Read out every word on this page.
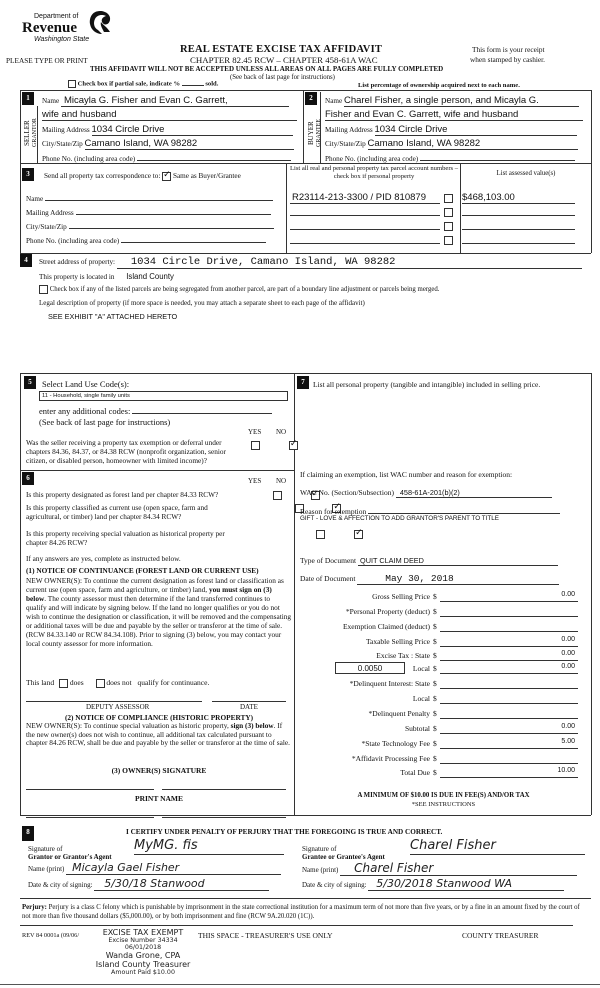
Department of
Revenue
Washington State
PLEASE TYPE OR PRINT
REAL ESTATE EXCISE TAX AFFIDAVIT
CHAPTER 82.45 RCW – CHAPTER 458-61A WAC
This form is your receipt
when stamped by cashier.
THIS AFFIDAVIT WILL NOT BE ACCEPTED UNLESS ALL AREAS ON ALL PAGES ARE FULLY COMPLETED
(See back of last page for instructions)
Check box if partial sale, indicate %	sold.	List percentage of ownership acquired next to each name.
1
SELLER
GRANTOR
Name Micayla G. Fisher and Evan C. Garrett,
wife and husband
Mailing Address 1034 Circle Drive
City/State/Zip Camano Island, WA 98282
Phone No. (including area code)
2
BUYER
GRANTEE
Name Charel Fisher, a single person, and Micayla G.
Fisher and Evan C. Garrett, wife and husband
Mailing Address 1034 Circle Drive
City/State/Zip Camano Island, WA 98282
Phone No. (including area code)
3	Send all property tax correspondence to: ✓ Same as Buyer/Grantee
Name
Mailing Address
City/State/Zip
Phone No. (including area code)
List all real and personal property tax parcel account numbers – check box if personal property	List assessed value(s)
R23114-213-3300 / PID 810879	$468,103.00
4	Street address of property: 1034 Circle Drive, Camano Island, WA 98282
This property is located in Island County
Check box if any of the listed parcels are being segregated from another parcel, are part of a boundary line adjustment or parcels being merged.
Legal description of property (if more space is needed, you may attach a separate sheet to each page of the affidavit)
SEE EXHIBIT "A" ATTACHED HERETO
5	Select Land Use Code(s):
11 - Household, single family units
enter any additional codes:
(See back of last page for instructions)
YES NO

Was the seller receiving a property tax exemption or deferral under chapters 84.36, 84.37, or 84.38 RCW (nonprofit organization, senior citizen, or disabled person, homeowner with limited income)?

✓
6	YES NO

Is this property designated as forest land per chapter 84.33 RCW?

✓

Is this property classified as current use (open space, farm and agricultural, or timber) land per chapter 84.34 RCW?

✓

Is this property receiving special valuation as historical property per chapter 84.26 RCW?

✓

If any answers are yes, complete as instructed below.

(1) NOTICE OF CONTINUANCE (FOREST LAND OR CURRENT USE)

NEW OWNER(S): To continue the current designation as forest land or classification as current use (open space, farm and agriculture, or timber) land, you must sign on (3) below. The county assessor must then determine if the land transferred continues to qualify and will indicate by signing below. If the land no longer qualifies or you do not wish to continue the designation or classification, it will be removed and the compensating or additional taxes will be due and payable by the seller or transferor at the time of sale. (RCW 84.33.140 or RCW 84.34.108). Prior to signing (3) below, you may contact your local county assessor for more information.

This land does	does not qualify for continuance.
DEPUTY ASSESSOR	DATE

(2) NOTICE OF COMPLIANCE (HISTORIC PROPERTY)

NEW OWNER(S): To continue special valuation as historic property, sign (3) below. If the new owner(s) does not wish to continue, all additional tax calculated pursuant to chapter 84.26 RCW, shall be due and payable by the seller or transferor at the time of sale.

(3) OWNER(S) SIGNATURE
PRINT NAME
7	List all personal property (tangible and intangible) included in selling price.

If claiming an exemption, list WAC number and reason for exemption:

WAC No. (Section/Subsection) 458-61A-201(b)(2)
Reason for exemption
GIFT - LOVE & AFFECTION TO ADD GRANTOR'S PARENT TO TITLE
Type of Document QUIT CLAIM DEED
Date of Document	May 30, 2018
Gross Selling Price $	0.00
*Personal Property (deduct) $
Exemption Claimed (deduct) $
Taxable Selling Price $	0.00
Excise Tax : State $	0.00
0.0050	Local $	0.00
*Delinquent Interest: State $
Local $
*Delinquent Penalty $
Subtotal $	0.00
*State Technology Fee $	5.00
*Affidavit Processing Fee $
Total Due $	10.00
A MINIMUM OF $10.00 IS DUE IN FEE(S) AND/OR TAX
*SEE INSTRUCTIONS
8	I CERTIFY UNDER PENALTY OF PERJURY THAT THE FOREGOING IS TRUE AND CORRECT.
Signature of
Grantor or Grantor's Agent
MyMG. fis
Name (print) Micayla Gael Fisher
Date & city of signing: 5/30/18 Stanwood
Signature of
Grantee or Grantee's Agent
Charel Fisher
Name (print) Charel Fisher
Date & city of signing: 5/30/2018 Stanwood WA

Perjury: Perjury is a class C felony which is punishable by imprisonment in the state correctional institution for a maximum term of not more than five years, or by a fine in an amount fixed by the court of not more than five thousand dollars ($5,000.00), or by both imprisonment and fine (RCW 9A.20.020 (1C)).

REV 84 0001a (09/06/	EXCISE TAX EXEMPT
Excise Number 34334
06/01/2018
Wanda Grone, CPA
Island County Treasurer
Amount Paid $10.00
THIS SPACE - TREASURER'S USE ONLY	COUNTY TREASURER
